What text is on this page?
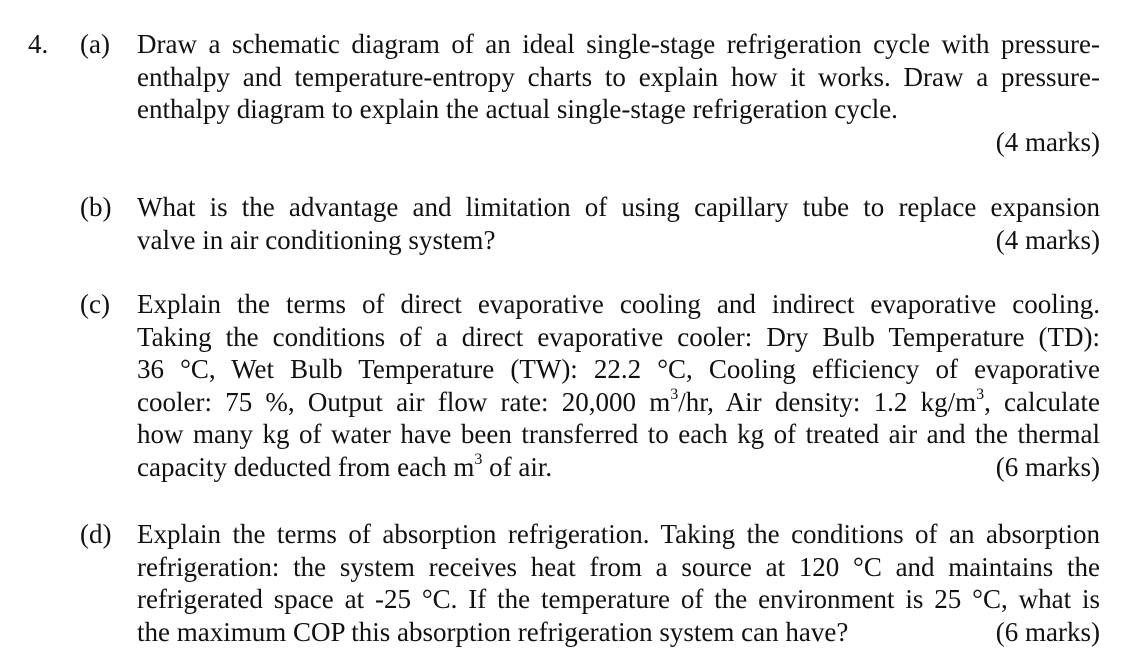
4. (a) Draw a schematic diagram of an ideal single-stage refrigeration cycle with pressure-
enthalpy and temperature-entropy charts to explain how it works. Draw a pressure-
enthalpy diagram to explain the actual single-stage refrigeration cycle.
(4 marks)
(b) What is the advantage and limitation of using capillary tube to replace expansion
valve in air conditioning system?	(4 marks)
(c) Explain the terms of direct evaporative cooling and indirect evaporative cooling.
Taking the conditions of a direct evaporative cooler: Dry Bulb Temperature (TD):
36 °C, Wet Bulb Temperature (TW): 22.2 °C, Cooling efficiency of evaporative
cooler: 75 %, Output air flow rate: 20,000 $m^3/hr$, Air density: 1.2 $kg/m^3$, calculate
how many kg of water have been transferred to each kg of treated air and the thermal
capacity deducted from each $m^3$ of air.	(6 marks)
(d) Explain the terms of absorption refrigeration. Taking the conditions of an absorption
refrigeration: the system receives heat from a source at 120 °C and maintains the
refrigerated space at -25 °C. If the temperature of the environment is 25 °C, what is
the maximum COP this absorption refrigeration system can have?	(6 marks)
